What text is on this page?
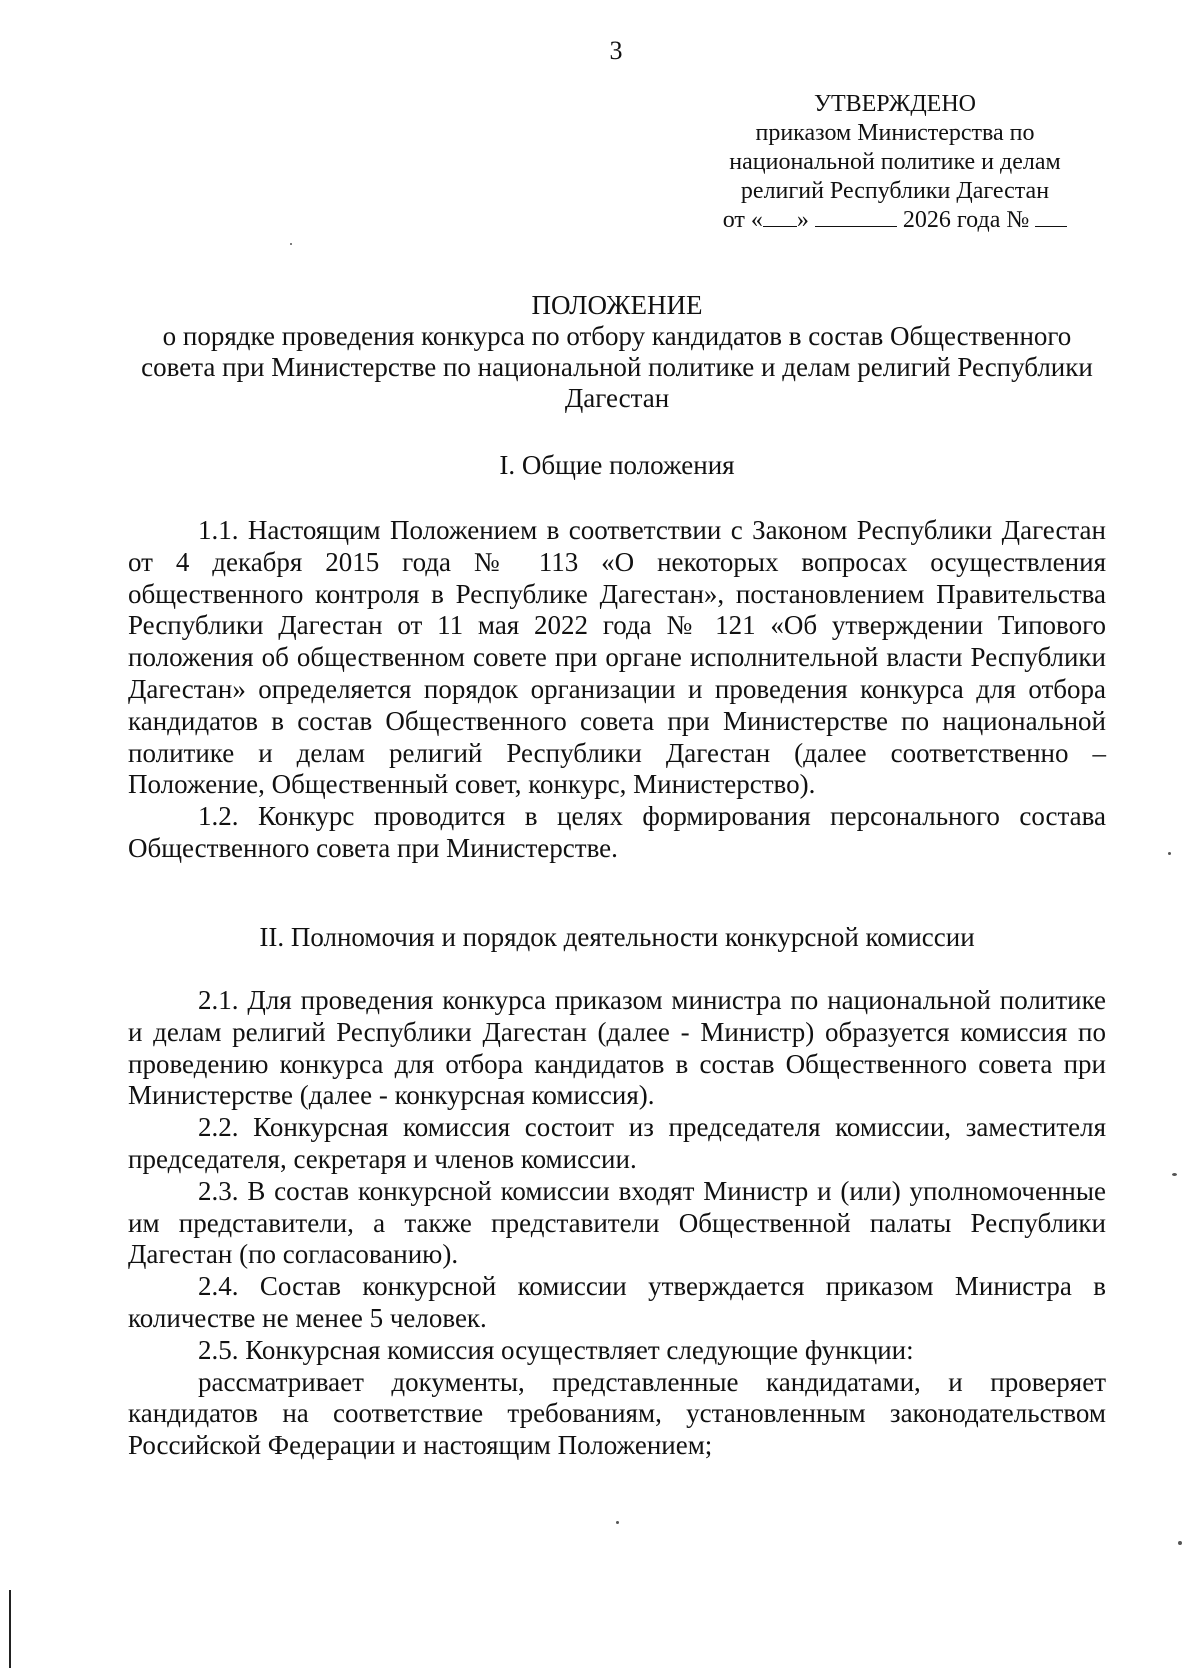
3
УТВЕРЖДЕНО
приказом Министерства по
национальной политике и делам
религий Республики Дагестан
от « »	2026 года №
ПОЛОЖЕНИЕ
о порядке проведения конкурса по отбору кандидатов в состав Общественного совета при Министерстве по национальной политике и делам религий Республики Дагестан
I. Общие положения

1.1. Настоящим Положением в соответствии с Законом Республики Дагестан от 4 декабря 2015 года № 113 «О некоторых вопросах осуществления общественного контроля в Республике Дагестан», постановлением Правительства Республики Дагестан от 11 мая 2022 года № 121 «Об утверждении Типового положения об общественном совете при органе исполнительной власти Республики Дагестан» определяется порядок организации и проведения конкурса для отбора кандидатов в состав Общественного совета при Министерстве по национальной политике и делам религий Республики Дагестан (далее соответственно – Положение, Общественный совет, конкурс, Министерство).

1.2. Конкурс проводится в целях формирования персонального состава Общественного совета при Министерстве.

II. Полномочия и порядок деятельности конкурсной комиссии

2.1. Для проведения конкурса приказом министра по национальной политике и делам религий Республики Дагестан (далее - Министр) образуется комиссия по проведению конкурса для отбора кандидатов в состав Общественного совета при Министерстве (далее - конкурсная комиссия).

2.2. Конкурсная комиссия состоит из председателя комиссии, заместителя председателя, секретаря и членов комиссии.

2.3. В состав конкурсной комиссии входят Министр и (или) уполномоченные им представители, а также представители Общественной палаты Республики Дагестан (по согласованию).

2.4. Состав конкурсной комиссии утверждается приказом Министра в количестве не менее 5 человек.

2.5. Конкурсная комиссия осуществляет следующие функции:

рассматривает документы, представленные кандидатами, и проверяет кандидатов на соответствие требованиям, установленным законодательством Российской Федерации и настоящим Положением;
